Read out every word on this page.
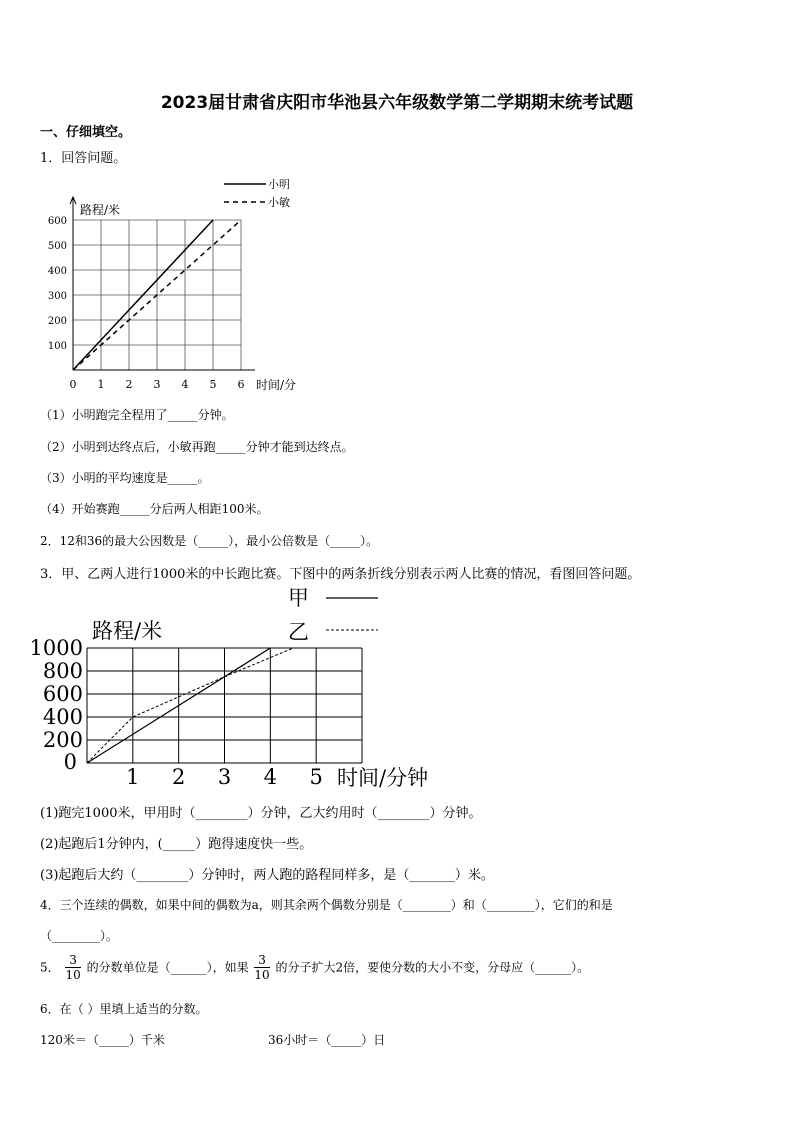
2023届甘肃省庆阳市华池县六年级数学第二学期期末统考试题
一、仔细填空。
1．回答问题。
0 1 2 3 4 5 6
100
200
300
400
500
600
路程/米
时间/分
小明
小敏
（1）小明跑完全程用了_____分钟。
（2）小明到达终点后，小敏再跑_____分钟才能到达终点。
（3）小明的平均速度是_____。
（4）开始赛跑_____分后两人相距100米。
2．12和36的最大公因数是（_____），最小公倍数是（_____）。
3．甲、乙两人进行1000米的中长跑比赛。下图中的两条折线分别表示两人比赛的情况，看图回答问题。
0
1 2 3 4 5
200
400
600
800
1000
路程/米
时间/分钟
甲
乙
(1)跑完1000米，甲用时（________）分钟，乙大约用时（________）分钟。
(2)起跑后1分钟内，(_____）跑得速度快一些。
(3)起跑后大约（________）分钟时，两人跑的路程同样多，是（_______）米。
4．三个连续的偶数，如果中间的偶数为a，则其余两个偶数分别是（________）和（________），它们的和是
（________）。
5． $\frac{3}{10}$ 的分数单位是（______），如果 $\frac{3}{10}$ 的分子扩大2倍，要使分数的大小不变，分母应（______）。
6．在（ ）里填上适当的分数。
120米＝（_____）千米	36小时＝（_____）日
